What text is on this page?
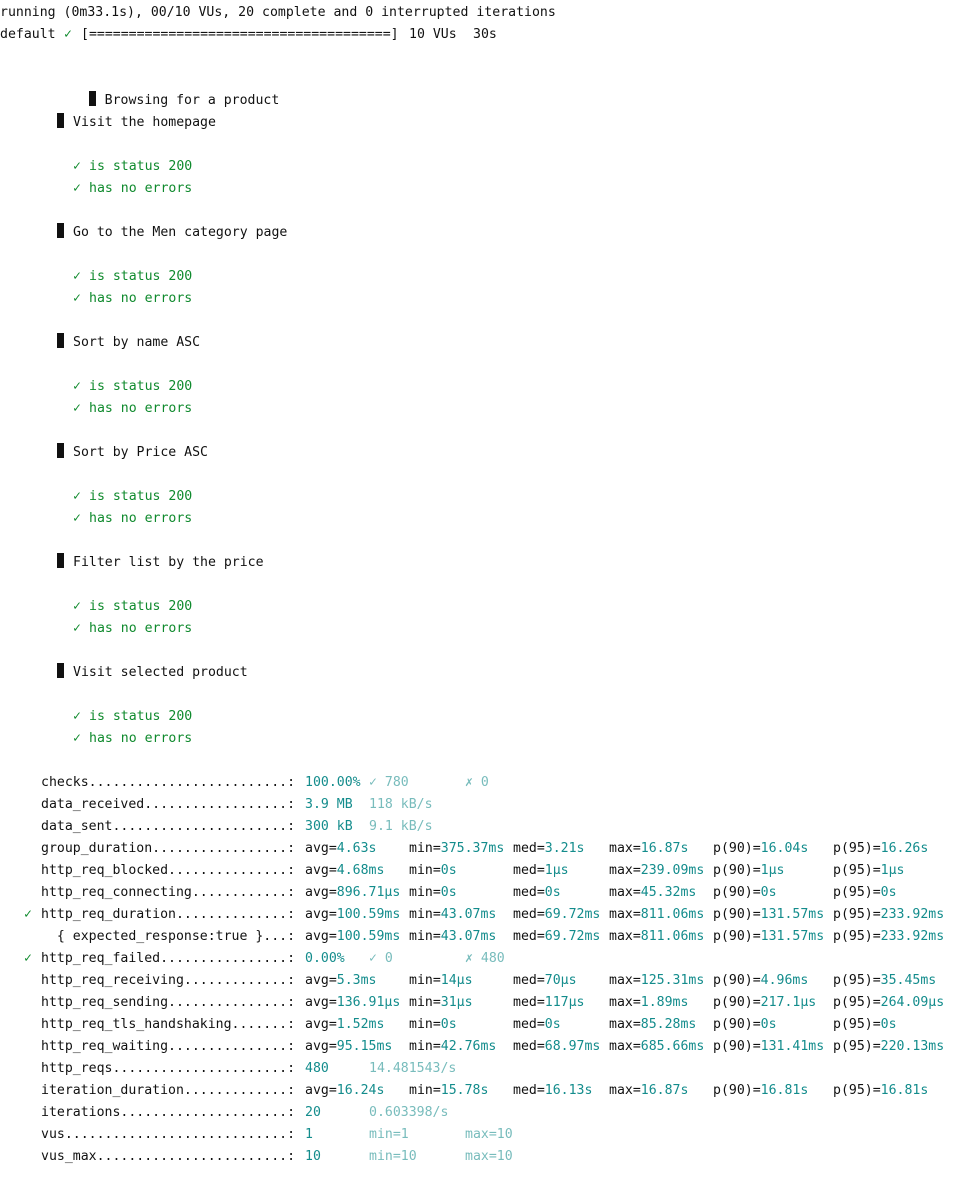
running (0m33.1s), 00/10 VUs, 20 complete and 0 interrupted iterations

default

✓

[======================================]

10 VUs

30s

Browsing for a product

Visit the homepage
✓ is status 200
✓ has no errors
Go to the Men category page
✓ is status 200
✓ has no errors
Sort by name ASC
✓ is status 200
✓ has no errors
Sort by Price ASC
✓ is status 200
✓ has no errors
Filter list by the price
✓ is status 200
✓ has no errors
Visit selected product
✓ is status 200
✓ has no errors
checks.........................: 100.00% ✓ 780	✗ 0
data_received..................: 3.9 MB 118 kB/s
data_sent......................: 300 kB 9.1 kB/s
group_duration.................: avg=4.63s min=375.37ms med=3.21s max=16.87s p(90)=16.04s p(95)=16.26s
http_req_blocked...............: avg=4.68ms min=0s	med=1µs	max=239.09ms p(90)=1µs	p(95)=1µs
http_req_connecting............: avg=896.71µs min=0s	med=0s	max=45.32ms p(90)=0s	p(95)=0s
✓ http_req_duration..............: avg=100.59ms min=43.07ms med=69.72ms max=811.06ms p(90)=131.57ms p(95)=233.92ms
{ expected_response:true }...: avg=100.59ms min=43.07ms med=69.72ms max=811.06ms p(90)=131.57ms p(95)=233.92ms
✓ http_req_failed................: 0.00% ✓ 0	✗ 480
http_req_receiving.............: avg=5.3ms min=14µs	med=70µs max=125.31ms p(90)=4.96ms p(95)=35.45ms
http_req_sending...............: avg=136.91µs min=31µs	med=117µs max=1.89ms p(90)=217.1µs p(95)=264.09µs
http_req_tls_handshaking.......: avg=1.52ms min=0s	med=0s	max=85.28ms p(90)=0s	p(95)=0s
http_req_waiting...............: avg=95.15ms min=42.76ms med=68.97ms max=685.66ms p(90)=131.41ms p(95)=220.13ms
http_reqs......................: 480	14.481543/s
iteration_duration.............: avg=16.24s min=15.78s med=16.13s max=16.87s p(90)=16.81s p(95)=16.81s
iterations.....................: 20	0.603398/s
vus............................: 1	min=1	max=10
vus_max........................: 10	min=10	max=10
